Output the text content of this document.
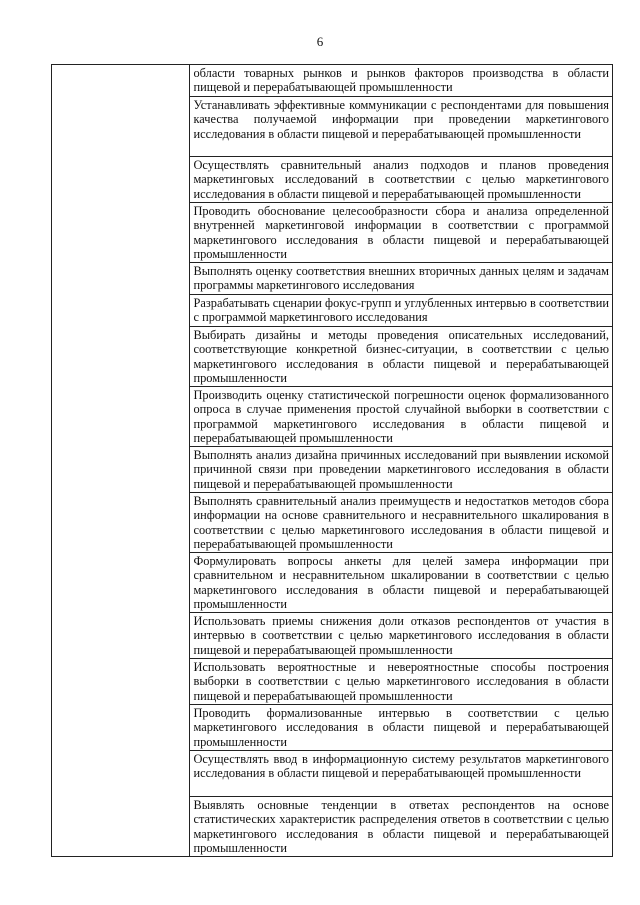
6
	области товарных рынков и рынков факторов производства в области пищевой и перерабатывающей промышленности
Устанавливать эффективные коммуникации с респондентами для повышения качества получаемой информации при проведении маркетингового исследования в области пищевой и перерабатывающей промышленности
Осуществлять сравнительный анализ подходов и планов проведения маркетинговых исследований в соответствии с целью маркетингового исследования в области пищевой и перерабатывающей промышленности
Проводить обоснование целесообразности сбора и анализа определенной внутренней маркетинговой информации в соответствии с программой маркетингового исследования в области пищевой и перерабатывающей промышленности
Выполнять оценку соответствия внешних вторичных данных целям и задачам программы маркетингового исследования
Разрабатывать сценарии фокус-групп и углубленных интервью в соответствии с программой маркетингового исследования
Выбирать дизайны и методы проведения описательных исследований, соответствующие конкретной бизнес-ситуации, в соответствии с целью маркетингового исследования в области пищевой и перерабатывающей промышленности
Производить оценку статистической погрешности оценок формализованного опроса в случае применения простой случайной выборки в соответствии с программой маркетингового исследования в области пищевой и перерабатывающей промышленности
Выполнять анализ дизайна причинных исследований при выявлении искомой причинной связи при проведении маркетингового исследования в области пищевой и перерабатывающей промышленности
Выполнять сравнительный анализ преимуществ и недостатков методов сбора информации на основе сравнительного и несравнительного шкалирования в соответствии с целью маркетингового исследования в области пищевой и перерабатывающей промышленности
Формулировать вопросы анкеты для целей замера информации при сравнительном и несравнительном шкалировании в соответствии с целью маркетингового исследования в области пищевой и перерабатывающей промышленности
Использовать приемы снижения доли отказов респондентов от участия в интервью в соответствии с целью маркетингового исследования в области пищевой и перерабатывающей промышленности
Использовать вероятностные и невероятностные способы построения выборки в соответствии с целью маркетингового исследования в области пищевой и перерабатывающей промышленности
Проводить формализованные интервью в соответствии с целью маркетингового исследования в области пищевой и перерабатывающей промышленности
Осуществлять ввод в информационную систему результатов маркетингового исследования в области пищевой и перерабатывающей промышленности
Выявлять основные тенденции в ответах респондентов на основе статистических характеристик распределения ответов в соответствии с целью маркетингового исследования в области пищевой и перерабатывающей промышленности
